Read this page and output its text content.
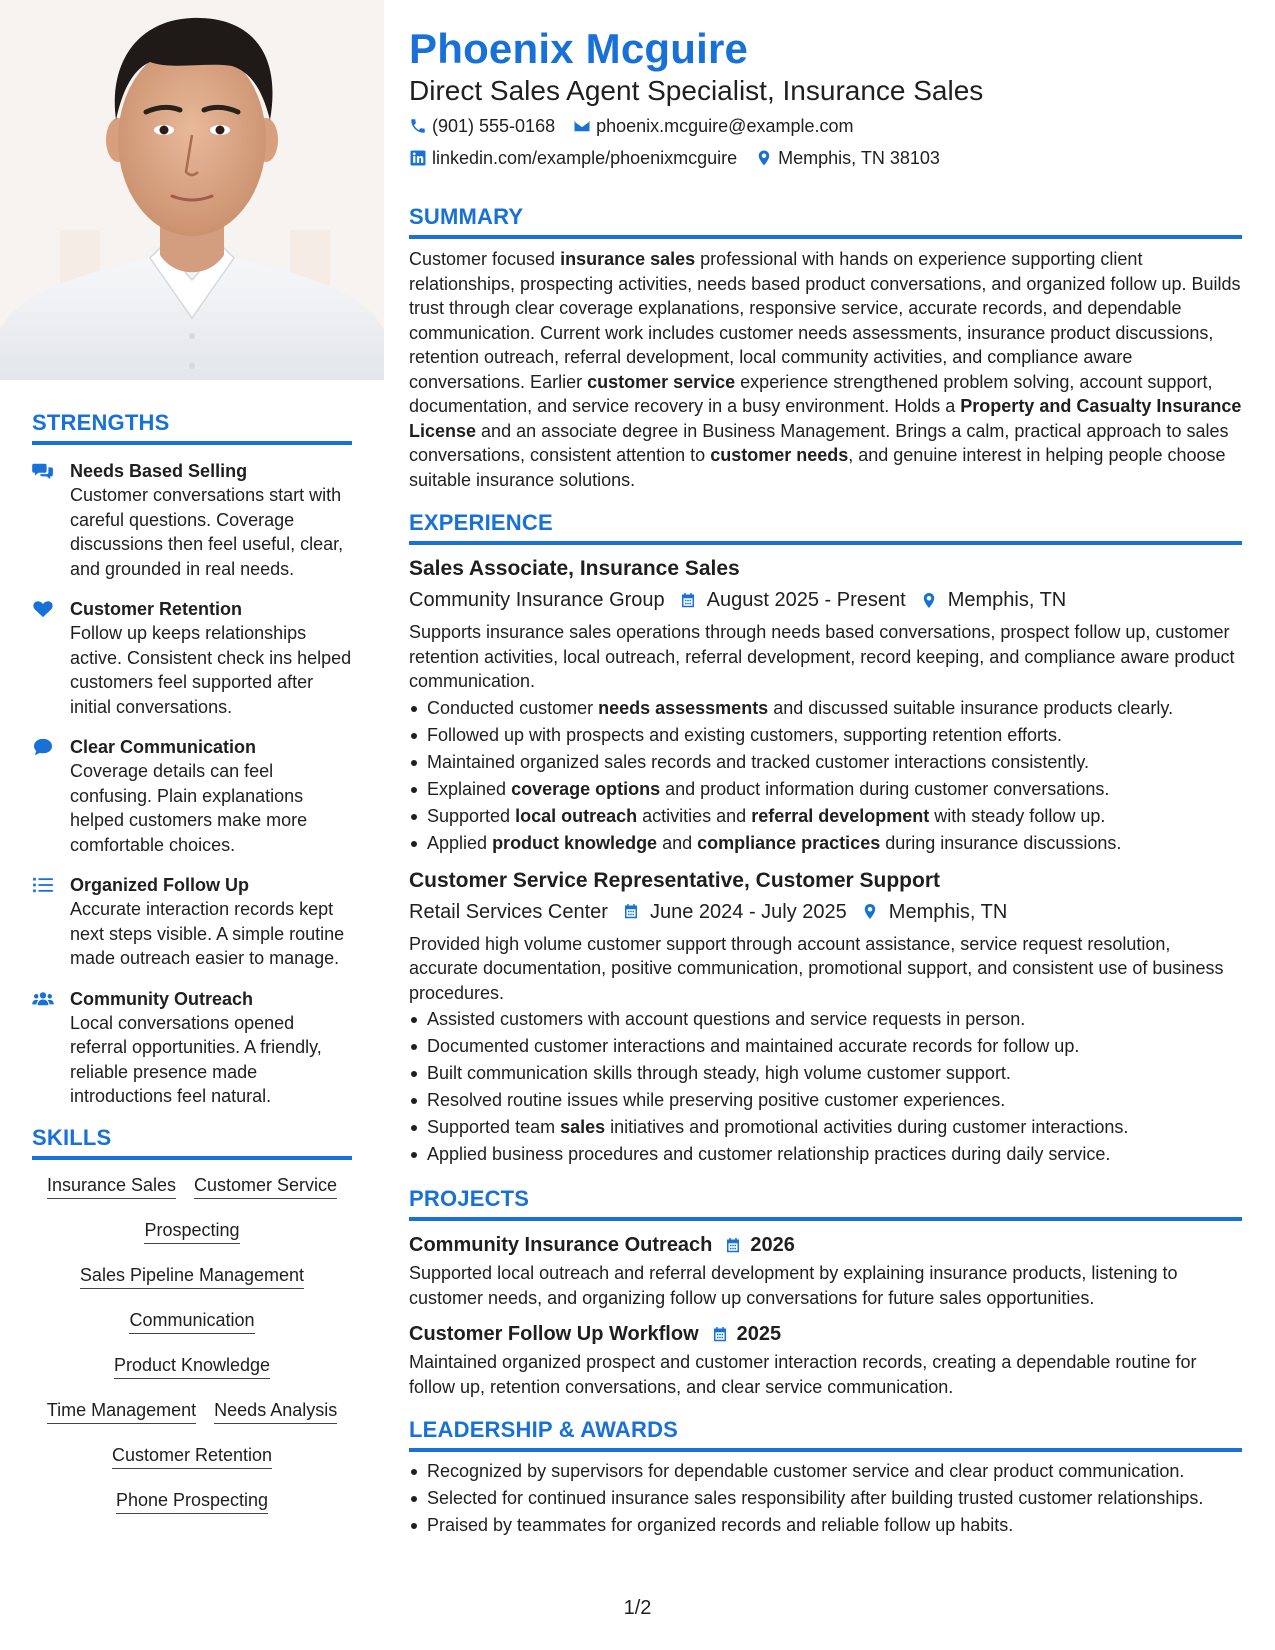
STRENGTHS
Needs Based Selling
Customer conversations start with careful questions. Coverage discussions then feel useful, clear, and grounded in real needs.
Customer Retention
Follow up keeps relationships active. Consistent check ins helped customers feel supported after initial conversations.
Clear Communication
Coverage details can feel confusing. Plain explanations helped customers make more comfortable choices.
Organized Follow Up
Accurate interaction records kept next steps visible. A simple routine made outreach easier to manage.
Community Outreach
Local conversations opened referral opportunities. A friendly, reliable presence made introductions feel natural.
SKILLS
Insurance Sales Customer Service
Prospecting
Sales Pipeline Management
Communication
Product Knowledge
Time Management Needs Analysis
Customer Retention
Phone Prospecting
Phoenix Mcguire
Direct Sales Agent Specialist, Insurance Sales
(901) 555-0168 phoenix.mcguire@example.com
linkedin.com/example/phoenixmcguire Memphis, TN 38103
SUMMARY
Customer focused insurance sales professional with hands on experience supporting client relationships, prospecting activities, needs based product conversations, and organized follow up. Builds trust through clear coverage explanations, responsive service, accurate records, and dependable communication. Current work includes customer needs assessments, insurance product discussions, retention outreach, referral development, local community activities, and compliance aware conversations. Earlier customer service experience strengthened problem solving, account support, documentation, and service recovery in a busy environment. Holds a Property and Casualty Insurance License and an associate degree in Business Management. Brings a calm, practical approach to sales conversations, consistent attention to customer needs, and genuine interest in helping people choose suitable insurance solutions.
EXPERIENCE
Sales Associate, Insurance Sales
Community Insurance Group August 2025 - Present Memphis, TN
Supports insurance sales operations through needs based conversations, prospect follow up, customer retention activities, local outreach, referral development, record keeping, and compliance aware product communication.
Conducted customer needs assessments and discussed suitable insurance products clearly.
Followed up with prospects and existing customers, supporting retention efforts.
Maintained organized sales records and tracked customer interactions consistently.
Explained coverage options and product information during customer conversations.
Supported local outreach activities and referral development with steady follow up.
Applied product knowledge and compliance practices during insurance discussions.
Customer Service Representative, Customer Support
Retail Services Center June 2024 - July 2025 Memphis, TN
Provided high volume customer support through account assistance, service request resolution, accurate documentation, positive communication, promotional support, and consistent use of business procedures.
Assisted customers with account questions and service requests in person.
Documented customer interactions and maintained accurate records for follow up.
Built communication skills through steady, high volume customer support.
Resolved routine issues while preserving positive customer experiences.
Supported team sales initiatives and promotional activities during customer interactions.
Applied business procedures and customer relationship practices during daily service.
PROJECTS
Community Insurance Outreach 2026
Supported local outreach and referral development by explaining insurance products, listening to customer needs, and organizing follow up conversations for future sales opportunities.
Customer Follow Up Workflow 2025
Maintained organized prospect and customer interaction records, creating a dependable routine for follow up, retention conversations, and clear service communication.
LEADERSHIP & AWARDS
Recognized by supervisors for dependable customer service and clear product communication.
Selected for continued insurance sales responsibility after building trusted customer relationships.
Praised by teammates for organized records and reliable follow up habits.
1/2
